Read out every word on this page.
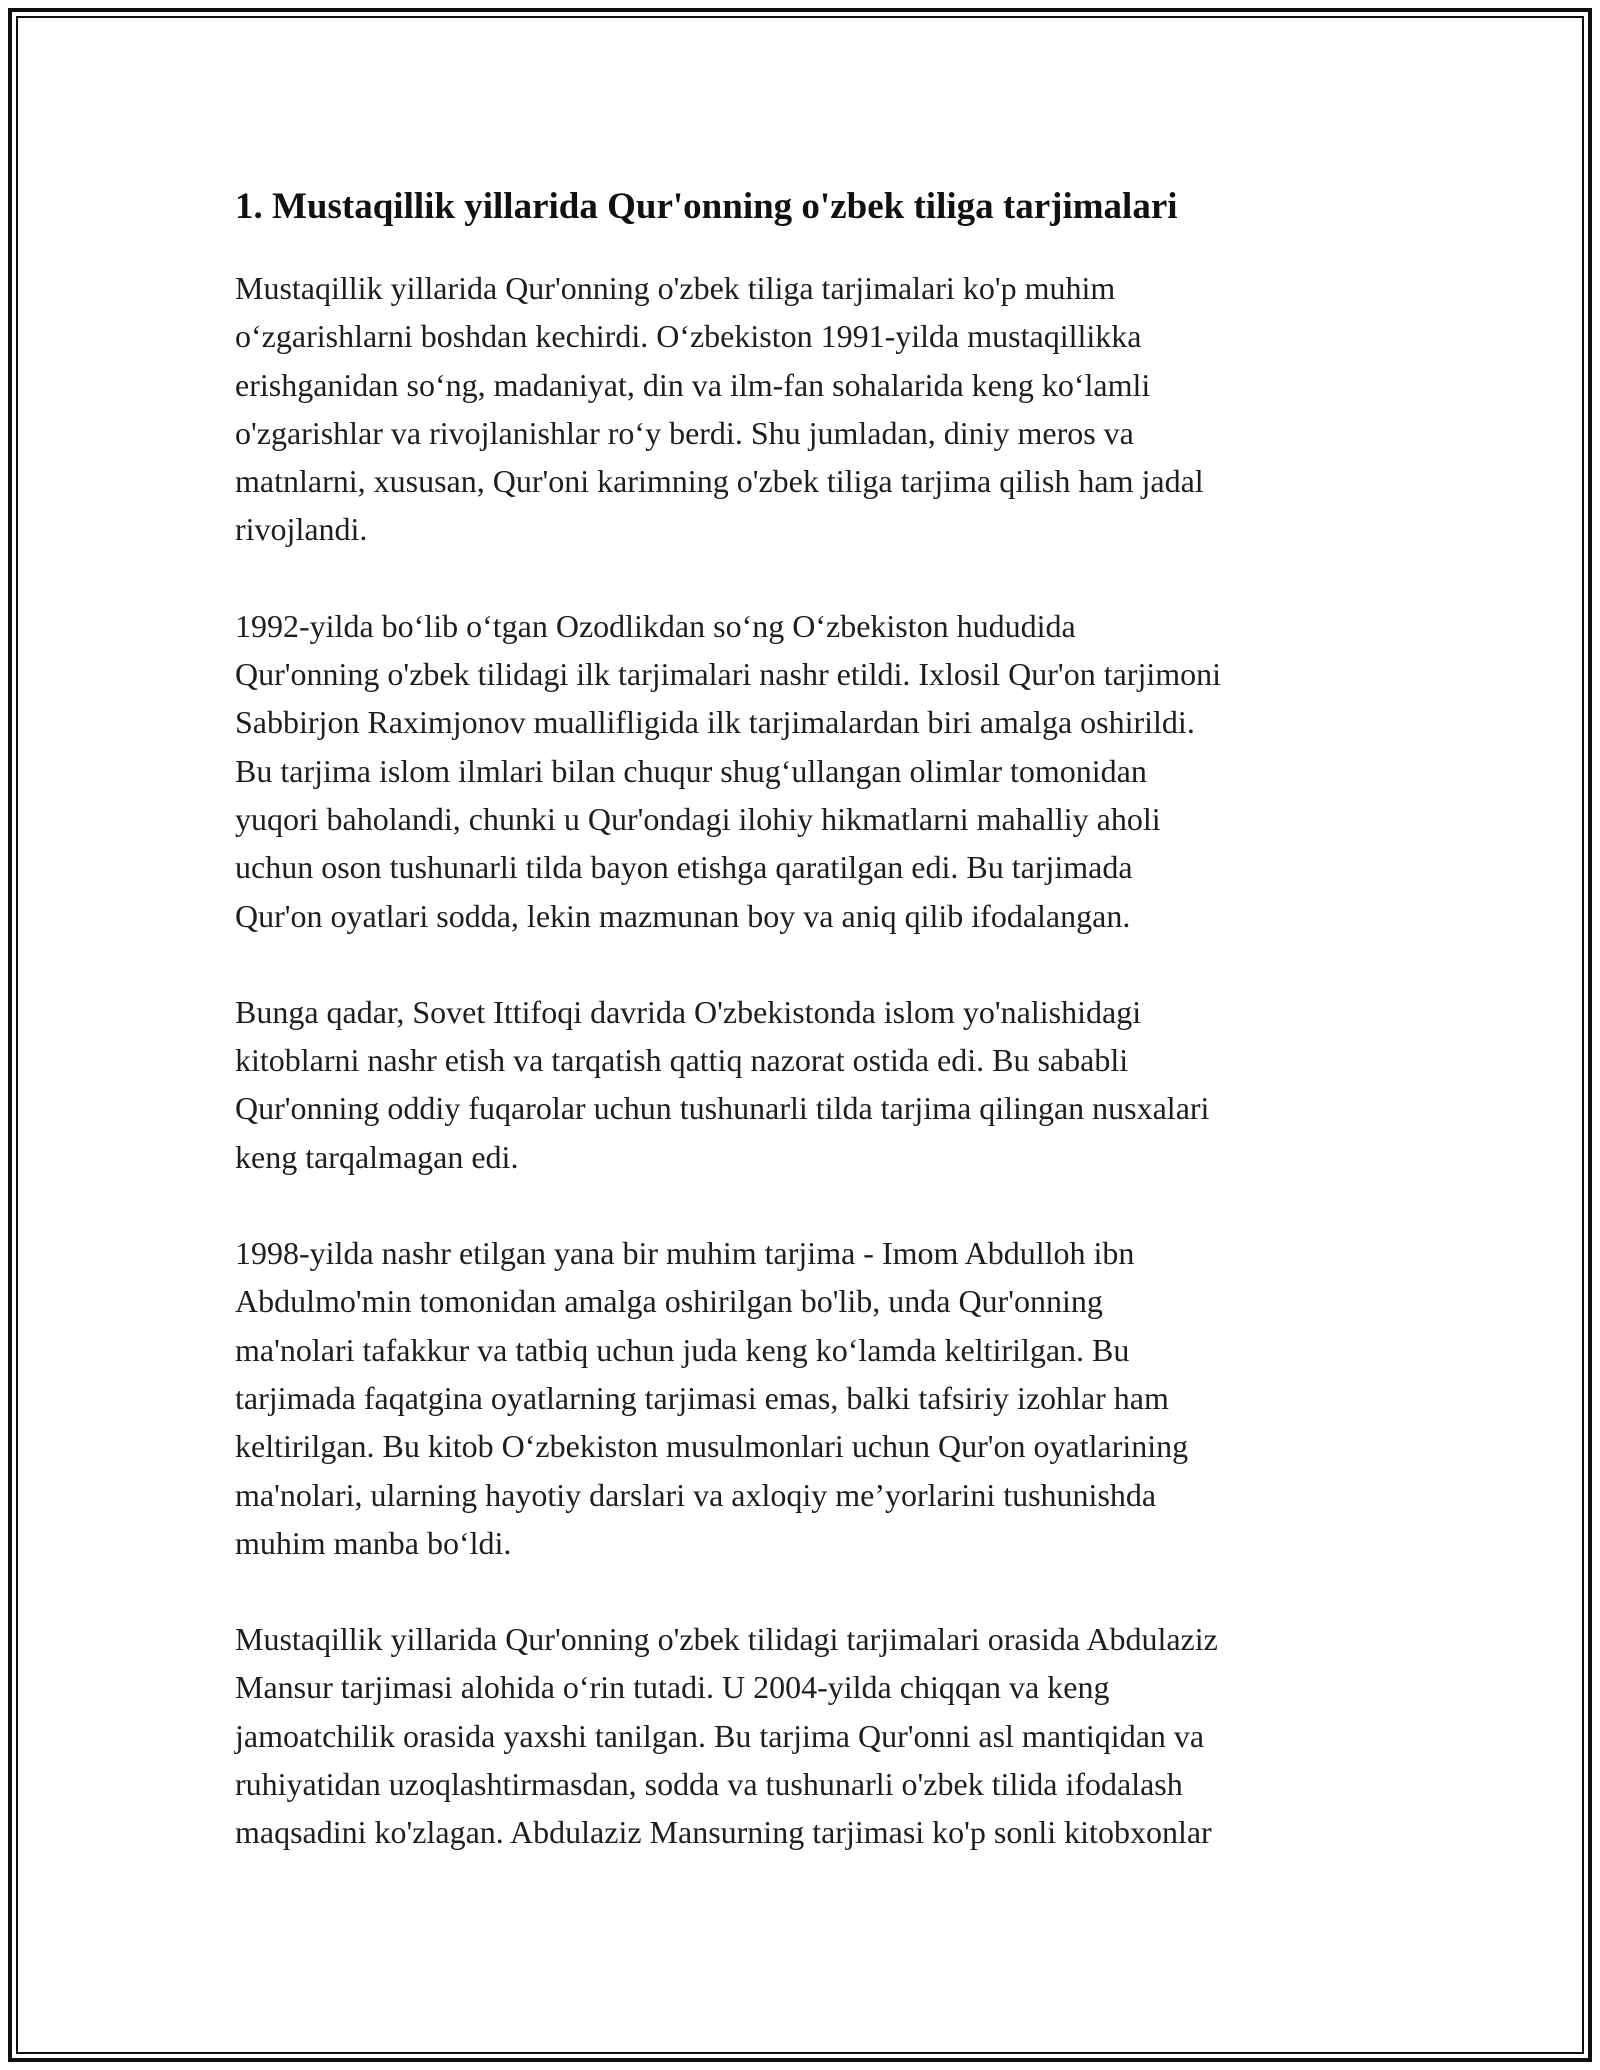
1. Mustaqillik yillarida Qur'onning o'zbek tiliga tarjimalari

Mustaqillik yillarida Qur'onning o'zbek tiliga tarjimalari ko'p muhim
o‘zgarishlarni boshdan kechirdi. O‘zbekiston 1991-yilda mustaqillikka
erishganidan so‘ng, madaniyat, din va ilm-fan sohalarida keng ko‘lamli
o'zgarishlar va rivojlanishlar ro‘y berdi. Shu jumladan, diniy meros va
matnlarni, xususan, Qur'oni karimning o'zbek tiliga tarjima qilish ham jadal
rivojlandi.

1992-yilda bo‘lib o‘tgan Ozodlikdan so‘ng O‘zbekiston hududida
Qur'onning o'zbek tilidagi ilk tarjimalari nashr etildi. Ixlosil Qur'on tarjimoni
Sabbirjon Raximjonov muallifligida ilk tarjimalardan biri amalga oshirildi.
Bu tarjima islom ilmlari bilan chuqur shug‘ullangan olimlar tomonidan
yuqori baholandi, chunki u Qur'ondagi ilohiy hikmatlarni mahalliy aholi
uchun oson tushunarli tilda bayon etishga qaratilgan edi. Bu tarjimada
Qur'on oyatlari sodda, lekin mazmunan boy va aniq qilib ifodalangan.

Bunga qadar, Sovet Ittifoqi davrida O'zbekistonda islom yo'nalishidagi
kitoblarni nashr etish va tarqatish qattiq nazorat ostida edi. Bu sababli
Qur'onning oddiy fuqarolar uchun tushunarli tilda tarjima qilingan nusxalari
keng tarqalmagan edi.

1998-yilda nashr etilgan yana bir muhim tarjima - Imom Abdulloh ibn
Abdulmo'min tomonidan amalga oshirilgan bo'lib, unda Qur'onning
ma'nolari tafakkur va tatbiq uchun juda keng ko‘lamda keltirilgan. Bu
tarjimada faqatgina oyatlarning tarjimasi emas, balki tafsiriy izohlar ham
keltirilgan. Bu kitob O‘zbekiston musulmonlari uchun Qur'on oyatlarining
ma'nolari, ularning hayotiy darslari va axloqiy me’yorlarini tushunishda
muhim manba bo‘ldi.

Mustaqillik yillarida Qur'onning o'zbek tilidagi tarjimalari orasida Abdulaziz
Mansur tarjimasi alohida o‘rin tutadi. U 2004-yilda chiqqan va keng
jamoatchilik orasida yaxshi tanilgan. Bu tarjima Qur'onni asl mantiqidan va
ruhiyatidan uzoqlashtirmasdan, sodda va tushunarli o'zbek tilida ifodalash
maqsadini ko'zlagan. Abdulaziz Mansurning tarjimasi ko'p sonli kitobxonlar
